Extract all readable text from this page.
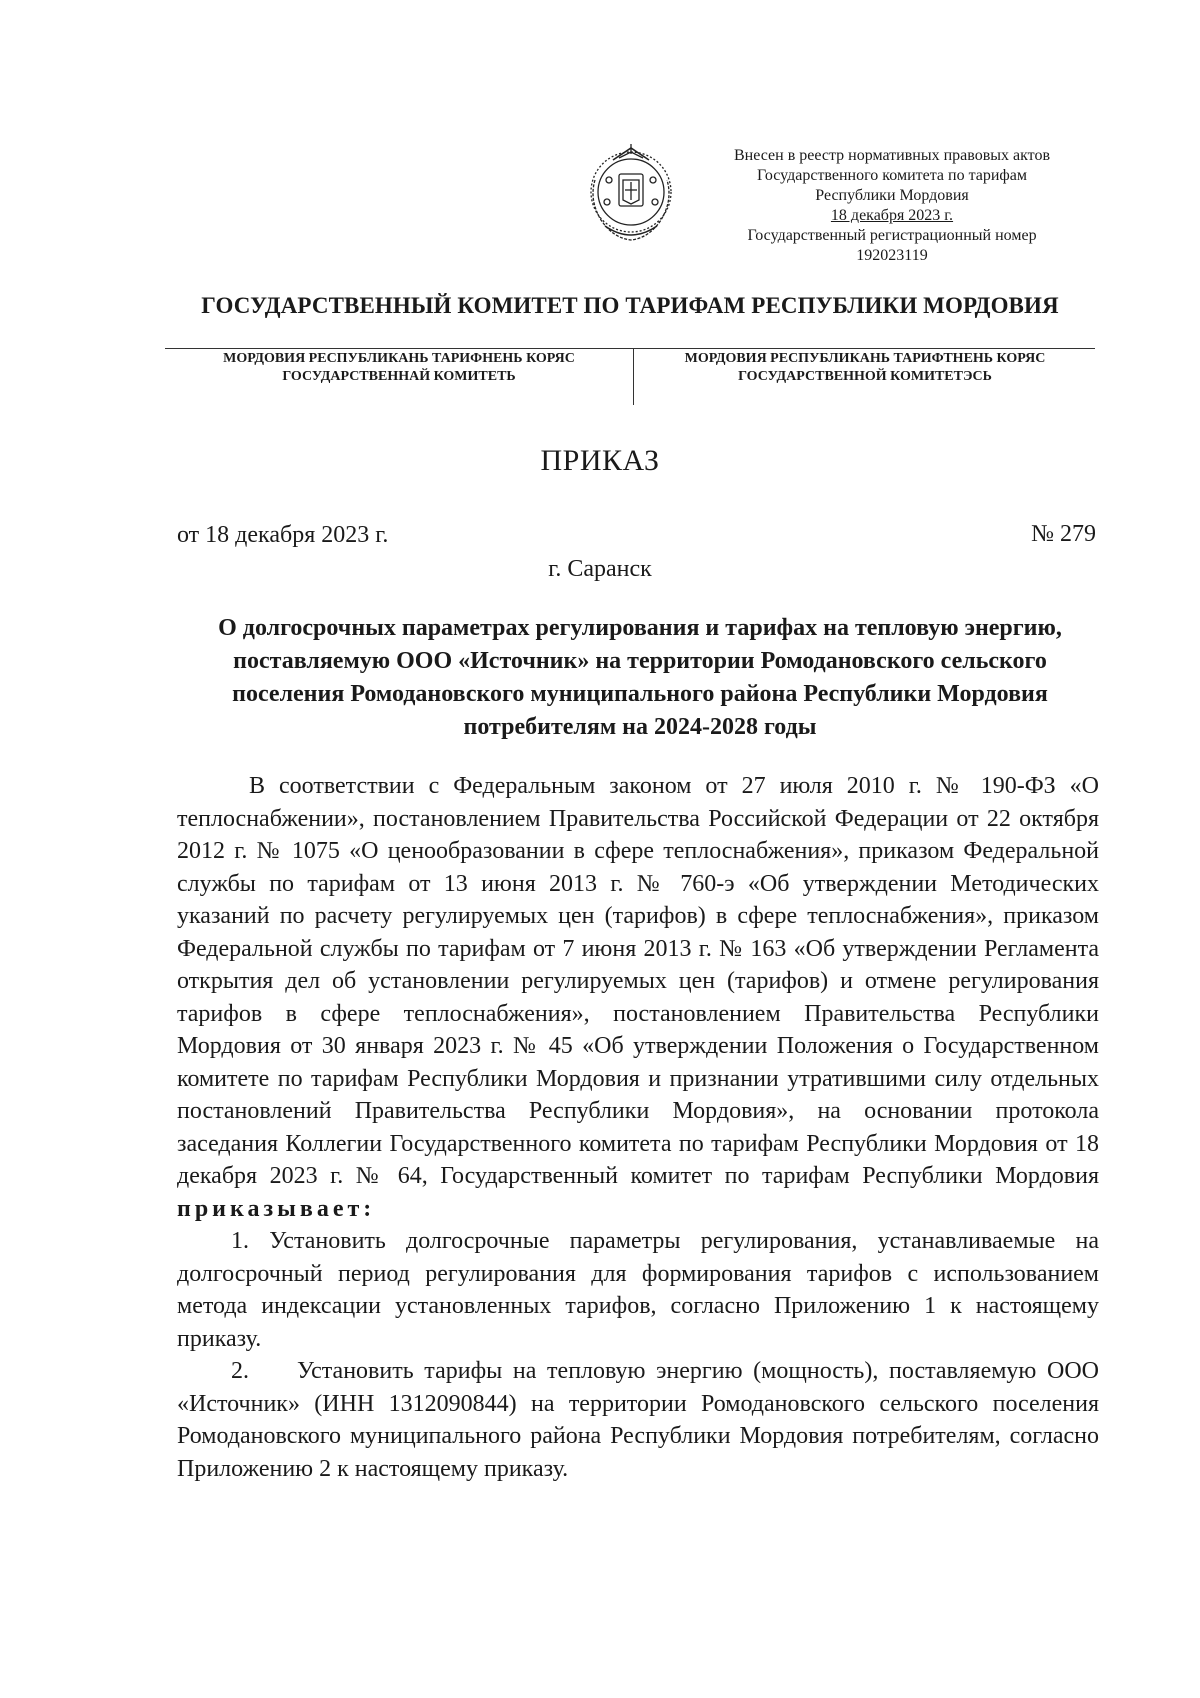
Внесен в реестр нормативных правовых актов
Государственного комитета по тарифам
Республики Мордовия
18 декабря 2023 г.
Государственный регистрационный номер
192023119
ГОСУДАРСТВЕННЫЙ КОМИТЕТ ПО ТАРИФАМ РЕСПУБЛИКИ МОРДОВИЯ
МОРДОВИЯ РЕСПУБЛИКАНЬ ТАРИФНЕНЬ КОРЯС
ГОСУДАРСТВЕННАЙ КОМИТЕТЬ
МОРДОВИЯ РЕСПУБЛИКАНЬ ТАРИФТНЕНЬ КОРЯС
ГОСУДАРСТВЕННОЙ КОМИТЕТЭСЬ
ПРИКАЗ
от 18 декабря 2023 г.	№ 279
г. Саранск
О долгосрочных параметрах регулирования и тарифах на тепловую энергию, поставляемую ООО «Источник» на территории Ромодановского сельского поселения Ромодановского муниципального района Республики Мордовия потребителям на 2024-2028 годы

В соответствии с Федеральным законом от 27 июля 2010 г. № 190-ФЗ «О теплоснабжении», постановлением Правительства Российской Федерации от 22 октября 2012 г. № 1075 «О ценообразовании в сфере теплоснабжения», приказом Федеральной службы по тарифам от 13 июня 2013 г. № 760-э «Об утверждении Методических указаний по расчету регулируемых цен (тарифов) в сфере теплоснабжения», приказом Федеральной службы по тарифам от 7 июня 2013 г. № 163 «Об утверждении Регламента открытия дел об установлении регулируемых цен (тарифов) и отмене регулирования тарифов в сфере теплоснабжения», постановлением Правительства Республики Мордовия от 30 января 2023 г. № 45 «Об утверждении Положения о Государственном комитете по тарифам Республики Мордовия и признании утратившими силу отдельных постановлений Правительства Республики Мордовия», на основании протокола заседания Коллегии Государственного комитета по тарифам Республики Мордовия от 18 декабря 2023 г. № 64, Государственный комитет по тарифам Республики Мордовия приказывает:

1. Установить долгосрочные параметры регулирования, устанавливаемые на долгосрочный период регулирования для формирования тарифов с использованием метода индексации установленных тарифов, согласно Приложению 1 к настоящему приказу.

2.  Установить тарифы на тепловую энергию (мощность), поставляемую ООО «Источник» (ИНН 1312090844) на территории Ромодановского сельского поселения Ромодановского муниципального района Республики Мордовия потребителям, согласно Приложению 2 к настоящему приказу.
